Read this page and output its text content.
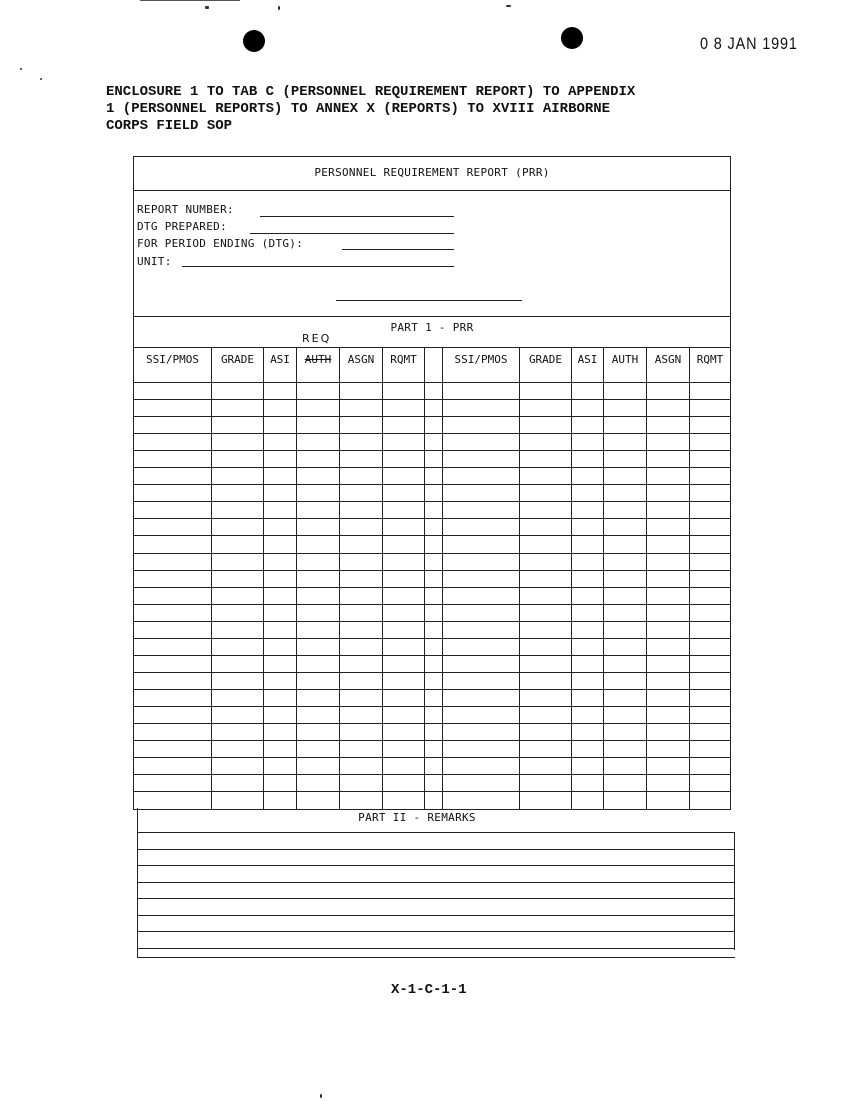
0 8 JAN 1991
ENCLOSURE 1 TO TAB C (PERSONNEL REQUIREMENT REPORT) TO APPENDIX
1 (PERSONNEL REPORTS) TO ANNEX X (REPORTS) TO XVIII AIRBORNE
CORPS FIELD SOP
PERSONNEL REQUIREMENT REPORT (PRR)
REPORT NUMBER:
DTG PREPARED:
FOR PERIOD ENDING (DTG):
UNIT:
PART 1 - PRR
REQ
SSI/PMOS	GRADE	ASI	AUTH	ASGN	RQMT	SSI/PMOS	GRADE	ASI	AUTH	ASGN	RQMT
PART II - REMARKS
X-1-C-1-1
